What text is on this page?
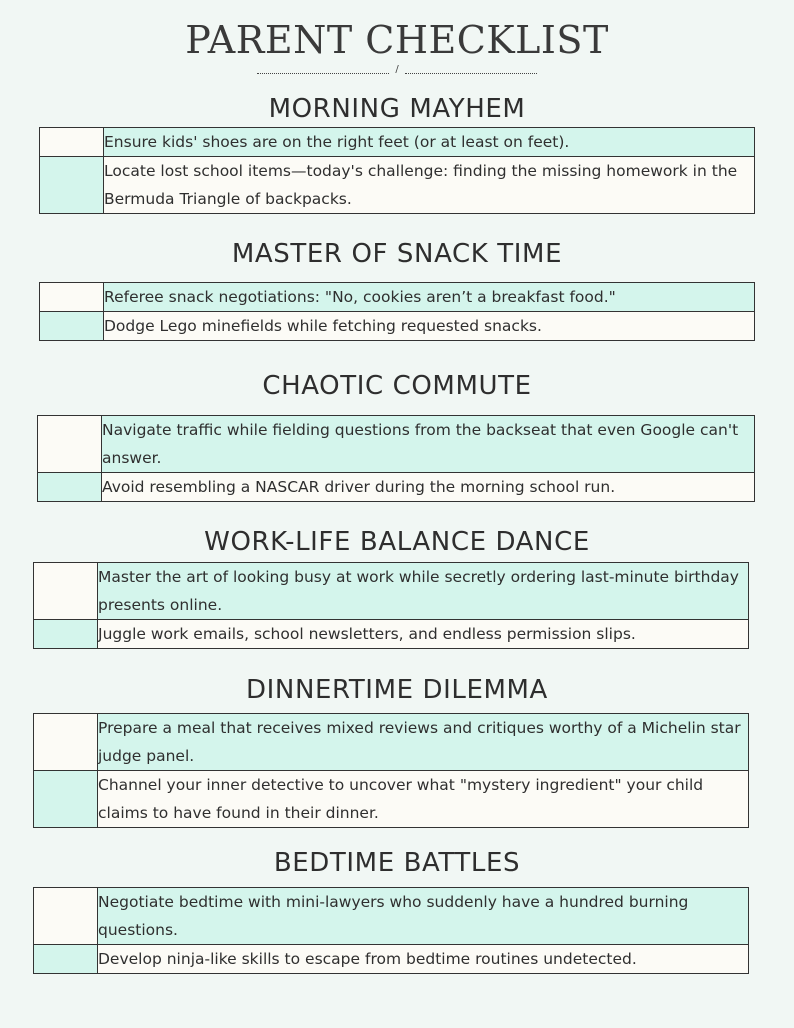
PARENT CHECKLIST
/
MORNING MAYHEM
	Ensure kids' shoes are on the right feet (or at least on feet).
	Locate lost school items—today's challenge: finding the missing homework in the Bermuda Triangle of backpacks.
MASTER OF SNACK TIME
	Referee snack negotiations: "No, cookies aren’t a breakfast food."
	Dodge Lego minefields while fetching requested snacks.
CHAOTIC COMMUTE
	Navigate traffic while fielding questions from the backseat that even Google can't answer.
	Avoid resembling a NASCAR driver during the morning school run.
WORK-LIFE BALANCE DANCE
	Master the art of looking busy at work while secretly ordering last-minute birthday presents online.
	Juggle work emails, school newsletters, and endless permission slips.
DINNERTIME DILEMMA
	Prepare a meal that receives mixed reviews and critiques worthy of a Michelin star judge panel.
	Channel your inner detective to uncover what "mystery ingredient" your child claims to have found in their dinner.
BEDTIME BATTLES
	Negotiate bedtime with mini-lawyers who suddenly have a hundred burning questions.
	Develop ninja-like skills to escape from bedtime routines undetected.
